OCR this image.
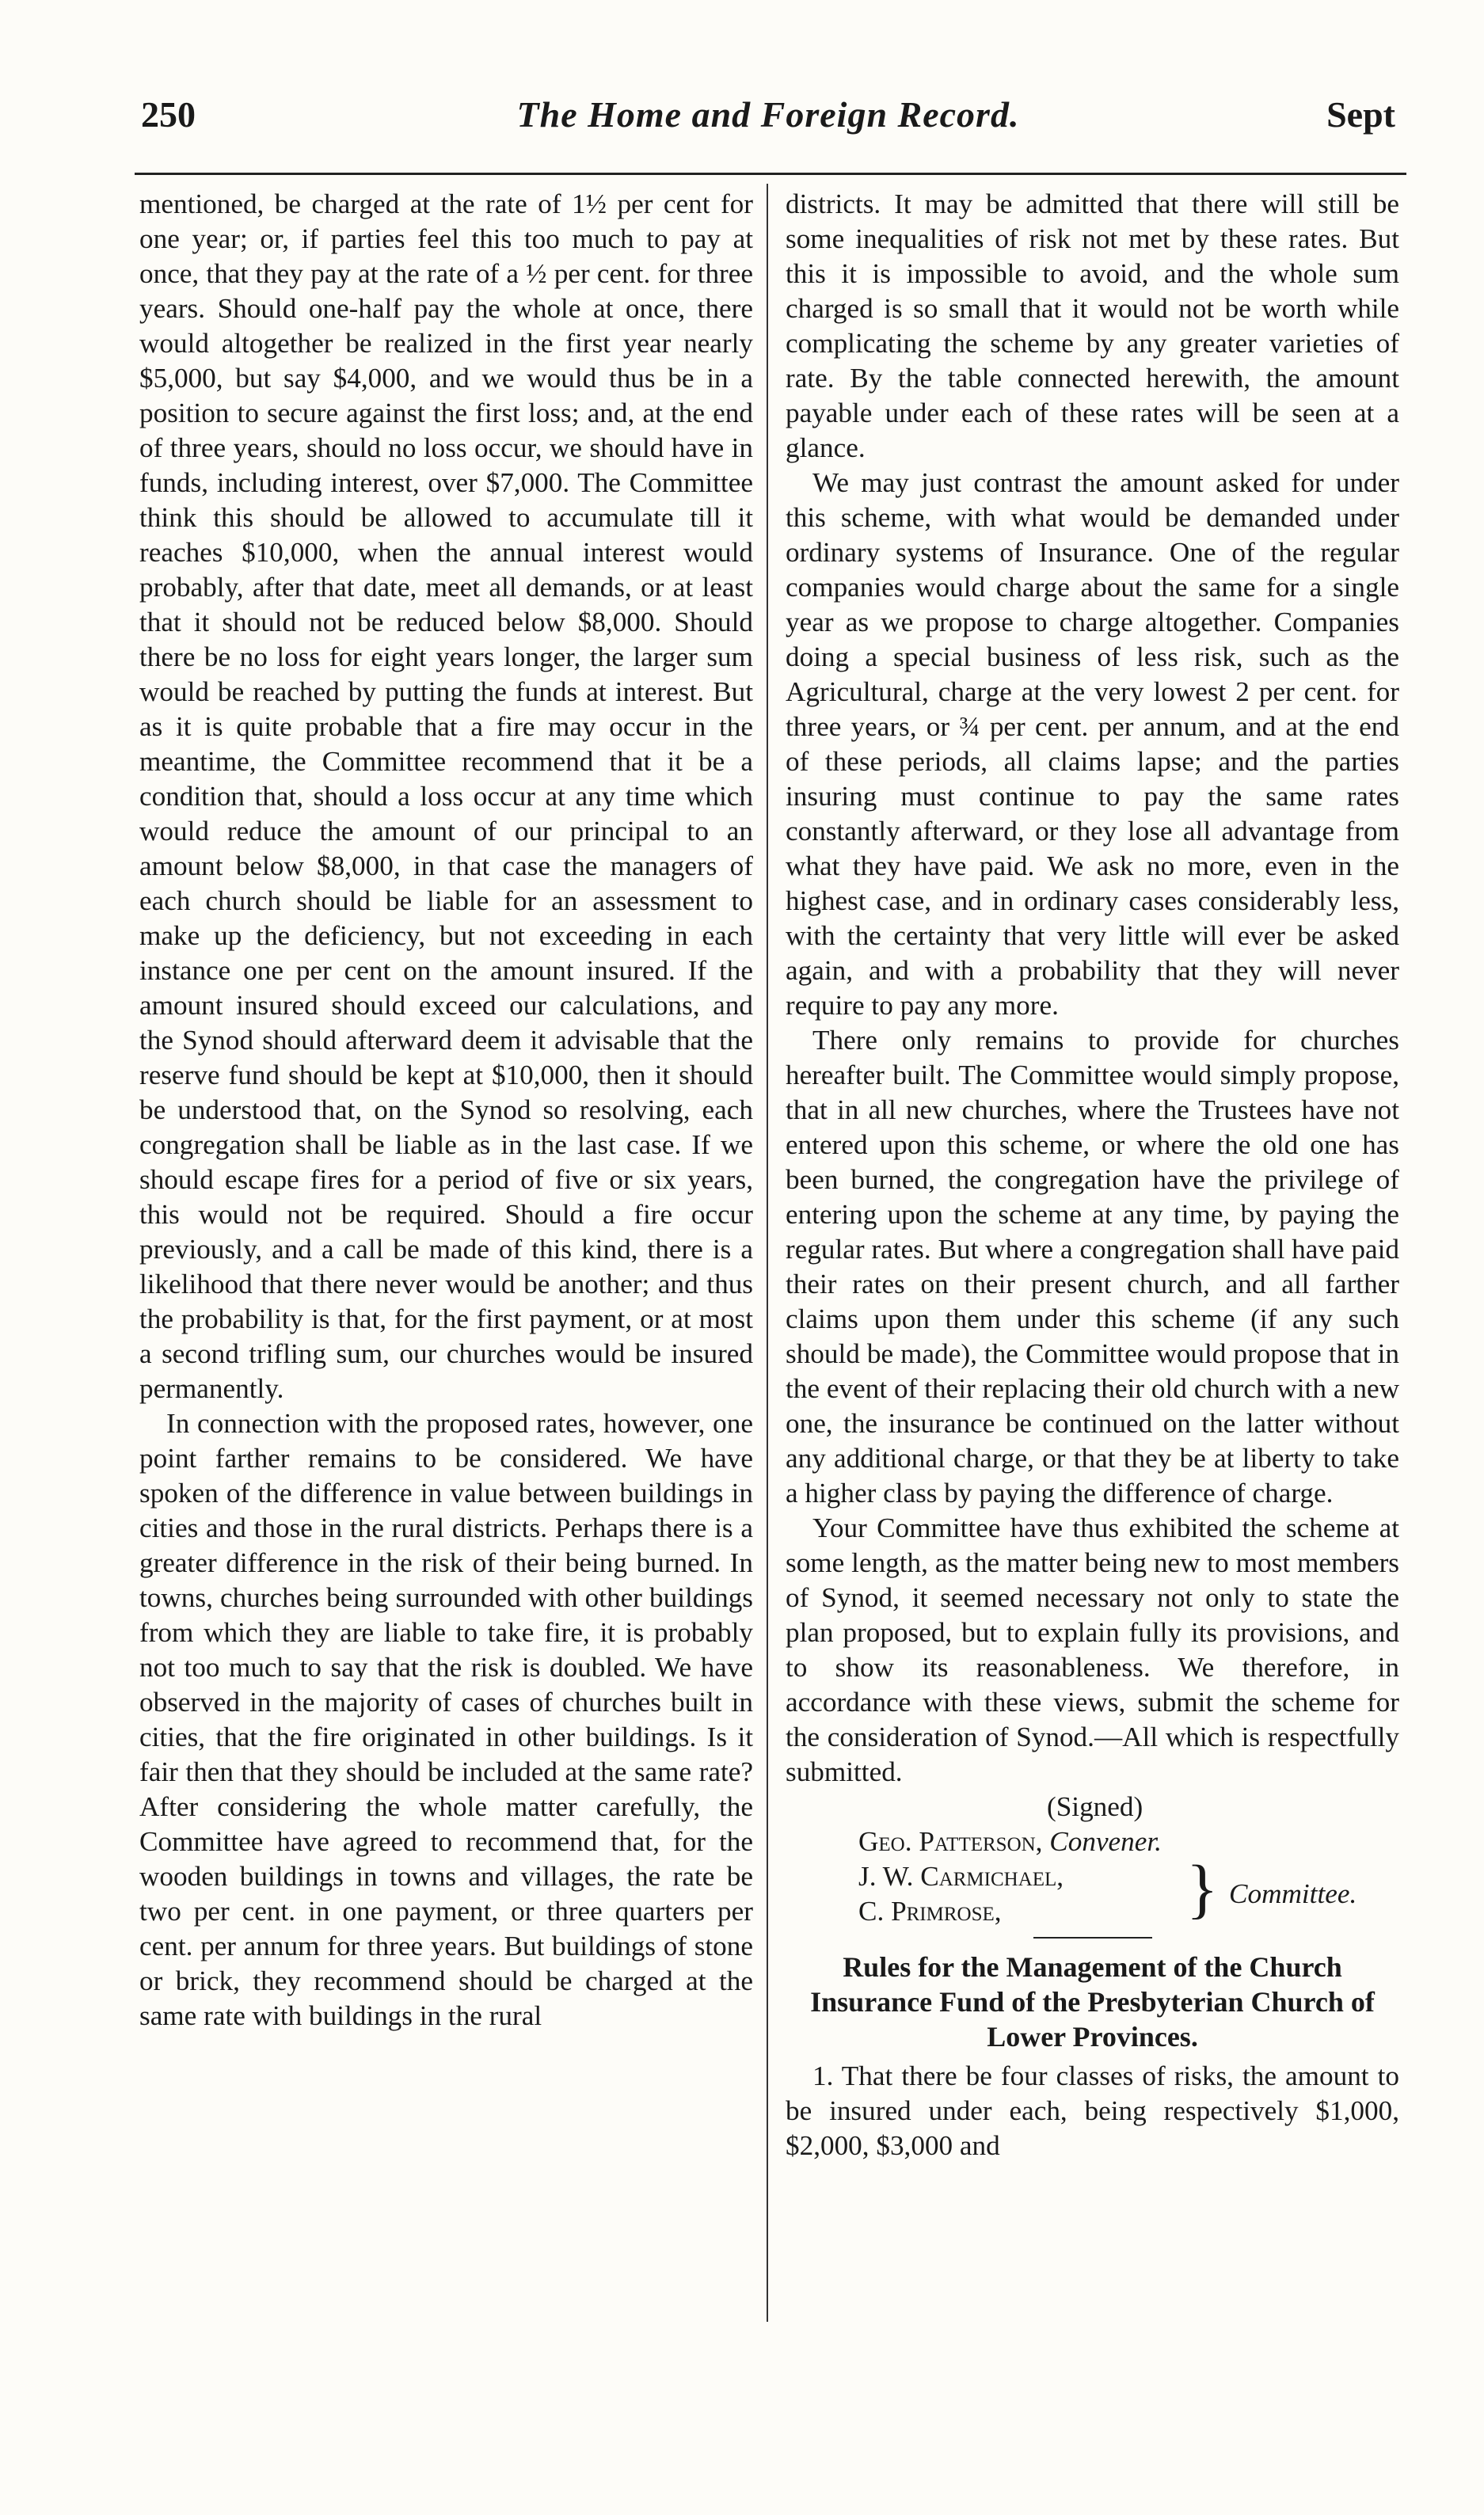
250	The Home and Foreign Record.	Sept

mentioned, be charged at the rate of 1½ per cent for one year; or, if parties feel this too much to pay at once, that they pay at the rate of a ½ per cent. for three years. Should one-half pay the whole at once, there would altogether be realized in the first year nearly $5,000, but say $4,000, and we would thus be in a position to secure against the first loss; and, at the end of three years, should no loss occur, we should have in funds, including interest, over $7,000. The Committee think this should be allowed to accumulate till it reaches $10,000, when the annual interest would probably, after that date, meet all demands, or at least that it should not be reduced below $8,000. Should there be no loss for eight years longer, the larger sum would be reached by putting the funds at interest. But as it is quite probable that a fire may occur in the meantime, the Committee recommend that it be a condition that, should a loss occur at any time which would reduce the amount of our principal to an amount below $8,000, in that case the managers of each church should be liable for an assessment to make up the deficiency, but not exceeding in each instance one per cent on the amount insured. If the amount insured should exceed our calculations, and the Synod should afterward deem it advisable that the reserve fund should be kept at $10,000, then it should be understood that, on the Synod so resolving, each congregation shall be liable as in the last case. If we should escape fires for a period of five or six years, this would not be required. Should a fire occur previously, and a call be made of this kind, there is a likelihood that there never would be another; and thus the probability is that, for the first payment, or at most a second trifling sum, our churches would be insured permanently.

In connection with the proposed rates, however, one point farther remains to be considered. We have spoken of the difference in value between buildings in cities and those in the rural districts. Perhaps there is a greater difference in the risk of their being burned. In towns, churches being surrounded with other buildings from which they are liable to take fire, it is probably not too much to say that the risk is doubled. We have observed in the majority of cases of churches built in cities, that the fire originated in other buildings. Is it fair then that they should be included at the same rate? After considering the whole matter carefully, the Committee have agreed to recommend that, for the wooden buildings in towns and villages, the rate be two per cent. in one payment, or three quarters per cent. per annum for three years. But buildings of stone or brick, they recommend should be charged at the same rate with buildings in the rural

districts. It may be admitted that there will still be some inequalities of risk not met by these rates. But this it is impossible to avoid, and the whole sum charged is so small that it would not be worth while complicating the scheme by any greater varieties of rate. By the table connected herewith, the amount payable under each of these rates will be seen at a glance.

We may just contrast the amount asked for under this scheme, with what would be demanded under ordinary systems of Insurance. One of the regular companies would charge about the same for a single year as we propose to charge altogether. Companies doing a special business of less risk, such as the Agricultural, charge at the very lowest 2 per cent. for three years, or ¾ per cent. per annum, and at the end of these periods, all claims lapse; and the parties insuring must continue to pay the same rates constantly afterward, or they lose all advantage from what they have paid. We ask no more, even in the highest case, and in ordinary cases considerably less, with the certainty that very little will ever be asked again, and with a probability that they will never require to pay any more.

There only remains to provide for churches hereafter built. The Committee would simply propose, that in all new churches, where the Trustees have not entered upon this scheme, or where the old one has been burned, the congregation have the privilege of entering upon the scheme at any time, by paying the regular rates. But where a congregation shall have paid their rates on their present church, and all farther claims upon them under this scheme (if any such should be made), the Committee would propose that in the event of their replacing their old church with a new one, the insurance be continued on the latter without any additional charge, or that they be at liberty to take a higher class by paying the difference of charge.

Your Committee have thus exhibited the scheme at some length, as the matter being new to most members of Synod, it seemed necessary not only to state the plan proposed, but to explain fully its provisions, and to show its reasonableness. We therefore, in accordance with these views, submit the scheme for the consideration of Synod.—All which is respectfully submitted.

(Signed)

Geo. Patterson, Convener.

J. W. Carmichael,
C. Primrose,	} Committee.

Rules for the Management of the Church Insurance Fund of the Presbyterian Church of Lower Provinces.

1. That there be four classes of risks, the amount to be insured under each, being respectively $1,000, $2,000, $3,000 and
